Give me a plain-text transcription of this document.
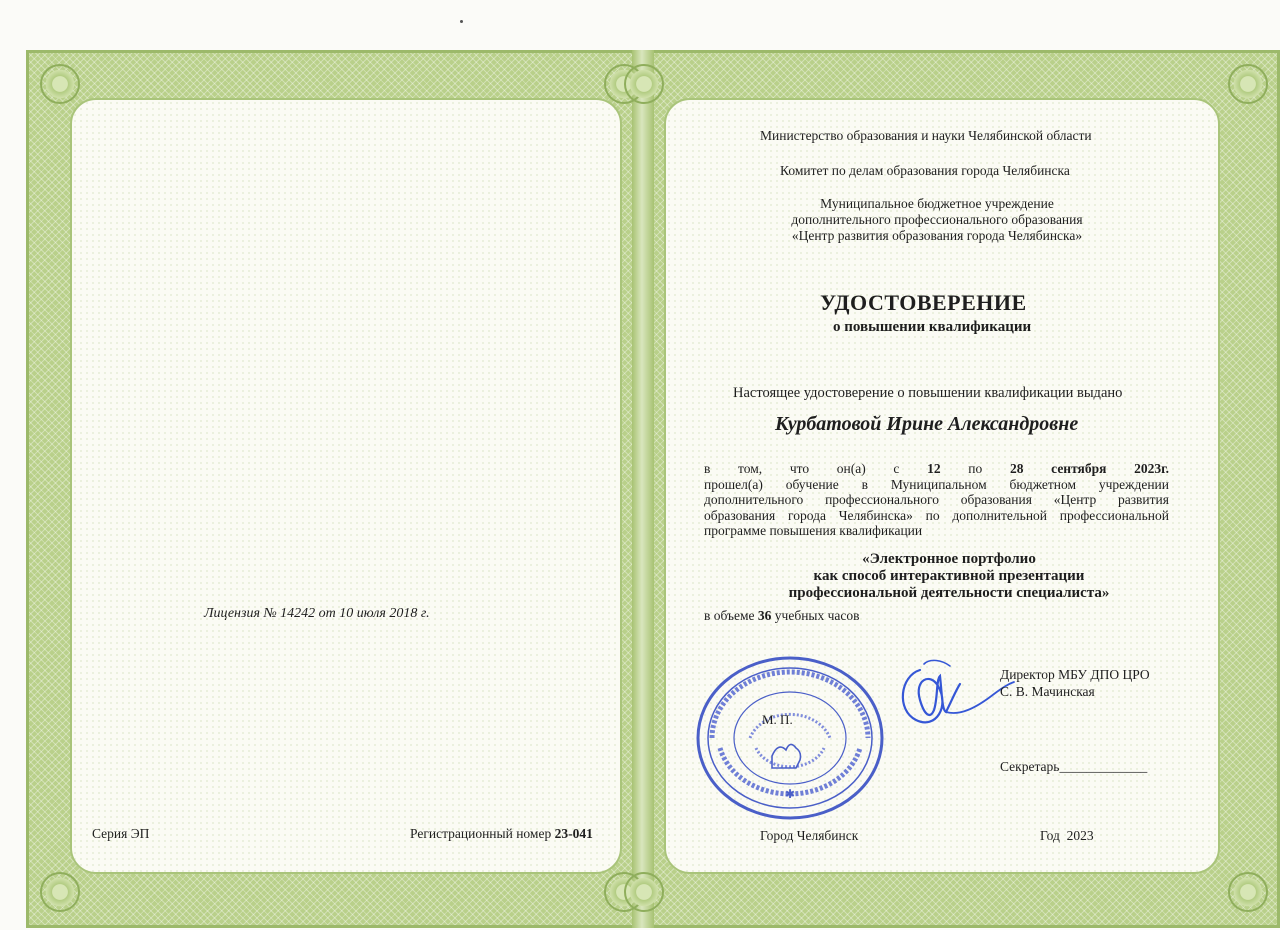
Министерство образования и науки Челябинской области
Комитет по делам образования города Челябинска
Муниципальное бюджетное учреждение
дополнительного профессионального образования
«Центр развития образования города Челябинска»
УДОСТОВЕРЕНИЕ
о повышении квалификации
Настоящее удостоверение о повышении квалификации выдано
Курбатовой Ирине Александровне
в том, что он(а) с 12 по 28 сентября 2023г.
прошел(а) обучение в Муниципальном бюджетном учреждении дополнительного профессионального образования «Центр развития образования города Челябинска» по дополнительной профессиональной программе повышения квалификации
«Электронное портфолио
как способ интерактивной презентации
профессиональной деятельности специалиста»
в объеме 36 учебных часов
✱
М. П.
Директор МБУ ДПО ЦРО
С. В. Мачинская
Секретарь_____________
Город Челябинск	Год 2023
Лицензия № 14242 от 10 июля 2018 г.
Серия ЭП	Регистрационный номер 23-041
